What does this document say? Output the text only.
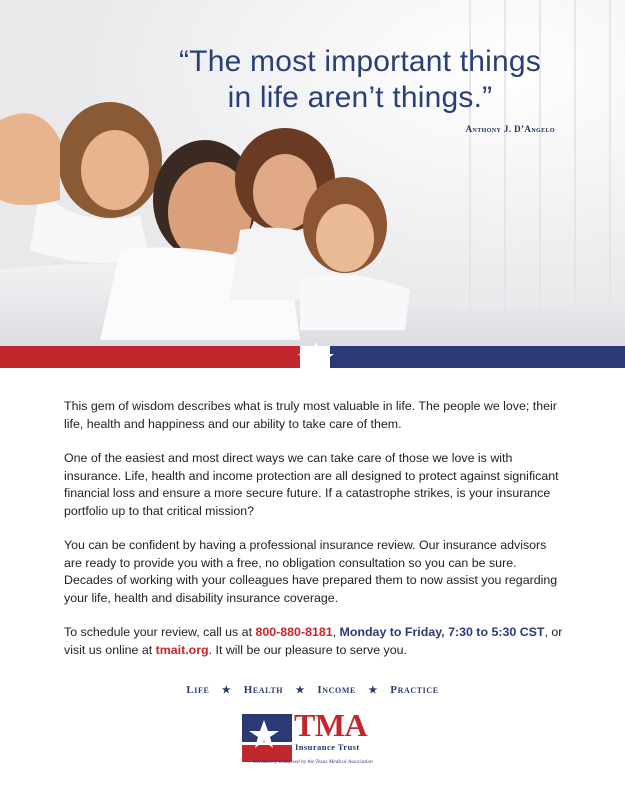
“The most important things
in life aren’t things.”
Anthony J. D’Angelo

This gem of wisdom describes what is truly most valuable in life. The people we love; their life, health and happiness and our ability to take care of them.

One of the easiest and most direct ways we can take care of those we love is with insurance. Life, health and income protection are all designed to protect against significant financial loss and ensure a more secure future. If a catastrophe strikes, is your insurance portfolio up to that critical mission?

You can be confident by having a professional insurance review. Our insurance advisors are ready to provide you with a free, no obligation consultation so you can be sure. Decades of working with your colleagues have prepared them to now assist you regarding your life, health and disability insurance coverage.

To schedule your review, call us at 800-880-8181, Monday to Friday, 7:30 to 5:30 CST, or visit us online at tmait.org. It will be our pleasure to serve you.

Life ★ Health ★ Income ★ Practice
TMA
Insurance Trust
Exclusively Endorsed by the Texas Medical Association
